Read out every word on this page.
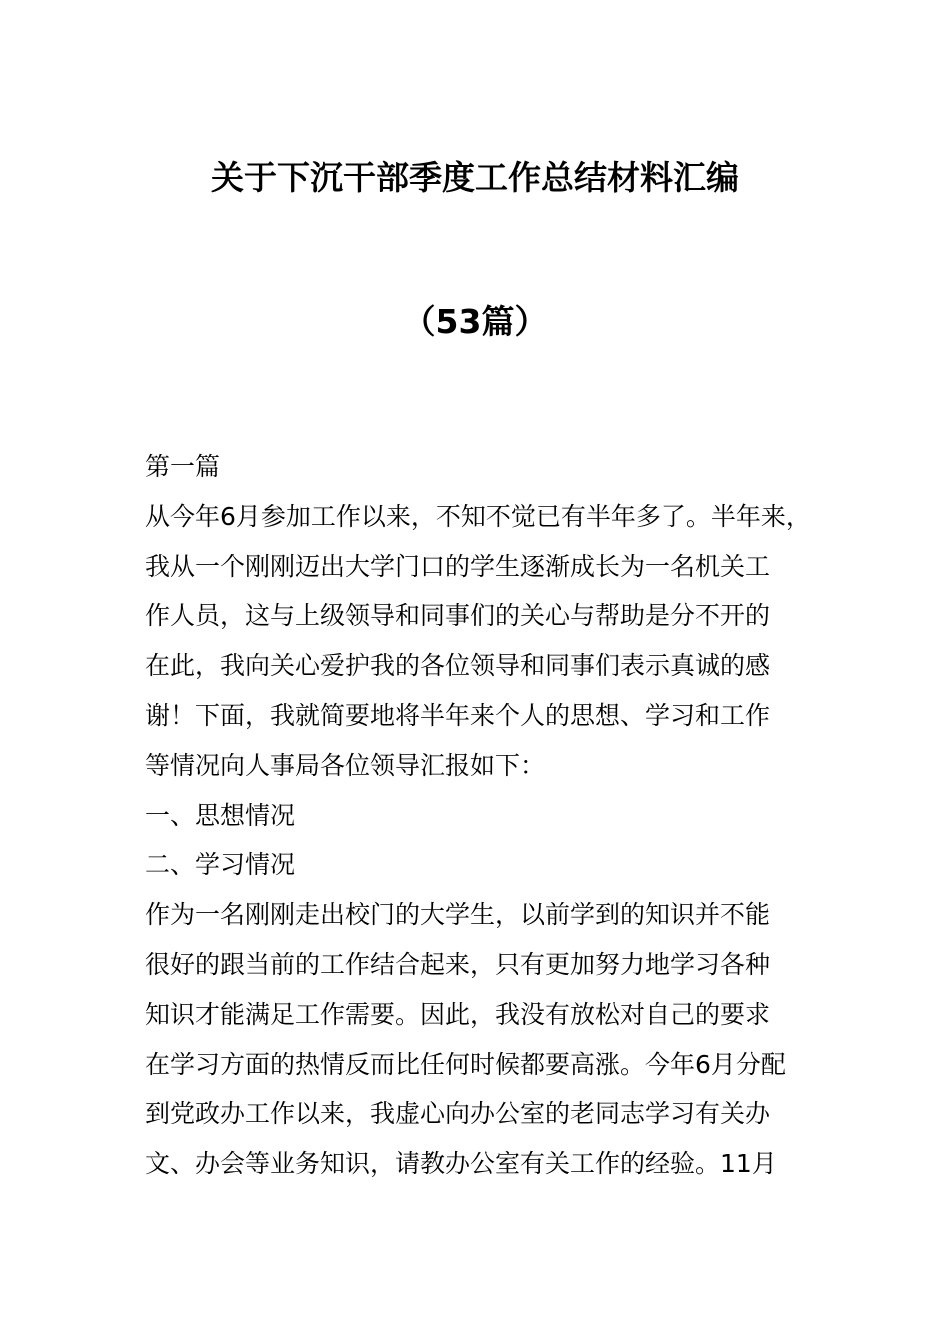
关于下沉干部季度工作总结材料汇编
（53篇）

第一篇

从今年6月参加工作以来，不知不觉已有半年多了。半年来，

我从一个刚刚迈出大学门口的学生逐渐成长为一名机关工

作人员，这与上级领导和同事们的关心与帮助是分不开的

在此，我向关心爱护我的各位领导和同事们表示真诚的感

谢！下面，我就简要地将半年来个人的思想、学习和工作

等情况向人事局各位领导汇报如下：

一、思想情况

二、学习情况

作为一名刚刚走出校门的大学生，以前学到的知识并不能

很好的跟当前的工作结合起来，只有更加努力地学习各种

知识才能满足工作需要。因此，我没有放松对自己的要求

在学习方面的热情反而比任何时候都要高涨。今年6月分配

到党政办工作以来，我虚心向办公室的老同志学习有关办

文、办会等业务知识，请教办公室有关工作的经验。11月
